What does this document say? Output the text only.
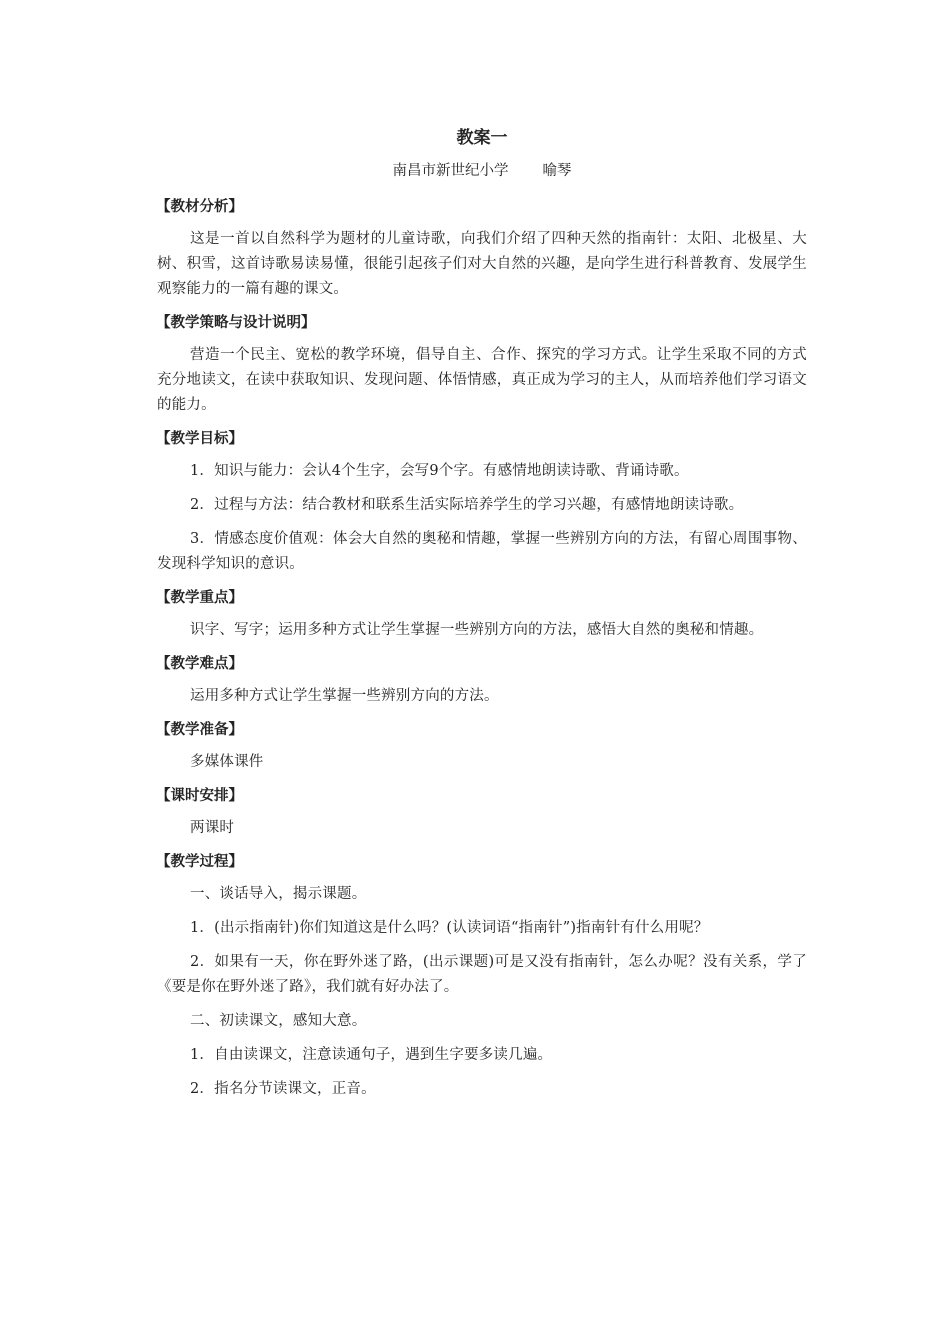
教案一
南昌市新世纪小学 喻琴
【教材分析】
这是一首以自然科学为题材的儿童诗歌，向我们介绍了四种天然的指南针：太阳、北极星、大树、积雪，这首诗歌易读易懂，很能引起孩子们对大自然的兴趣，是向学生进行科普教育、发展学生观察能力的一篇有趣的课文。
【教学策略与设计说明】
营造一个民主、宽松的教学环境，倡导自主、合作、探究的学习方式。让学生采取不同的方式充分地读文，在读中获取知识、发现问题、体悟情感，真正成为学习的主人，从而培养他们学习语文的能力。
【教学目标】
1．知识与能力：会认4个生字，会写9个字。有感情地朗读诗歌、背诵诗歌。
2．过程与方法：结合教材和联系生活实际培养学生的学习兴趣，有感情地朗读诗歌。
3．情感态度价值观：体会大自然的奥秘和情趣，掌握一些辨别方向的方法，有留心周围事物、发现科学知识的意识。
【教学重点】
识字、写字；运用多种方式让学生掌握一些辨别方向的方法，感悟大自然的奥秘和情趣。
【教学难点】
运用多种方式让学生掌握一些辨别方向的方法。
【教学准备】
多媒体课件
【课时安排】
两课时
【教学过程】
一、谈话导入，揭示课题。
1．(出示指南针)你们知道这是什么吗？(认读词语“指南针”)指南针有什么用呢？
2．如果有一天，你在野外迷了路，(出示课题)可是又没有指南针，怎么办呢？没有关系，学了《要是你在野外迷了路》，我们就有好办法了。
二、初读课文，感知大意。
1．自由读课文，注意读通句子，遇到生字要多读几遍。
2．指名分节读课文，正音。
